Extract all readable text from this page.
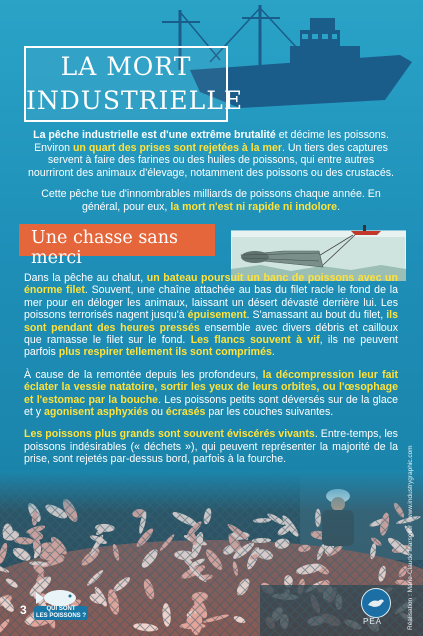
LA MORT
INDUSTRIELLE

La pêche industrielle est d'une extrême brutalité et décime les poissons. Environ un quart des prises sont rejetées à la mer. Un tiers des captures servent à faire des farines ou des huiles de poissons, qui entre autres nourriront des animaux d'élevage, notamment des poissons ou des crustacés.

Cette pêche tue d'innombrables milliards de poissons chaque année. En général, pour eux, la mort n'est ni rapide ni indolore.

Une chasse sans merci

Dans la pêche au chalut, un bateau poursuit un banc de poissons avec un énorme filet. Souvent, une chaîne attachée au bas du filet racle le fond de la mer pour en déloger les animaux, laissant un désert dévasté derrière lui. Les poissons terrorisés nagent jusqu'à épuisement. S'amassant au bout du filet, ils sont pendant des heures pressés ensemble avec divers débris et cailloux que ramasse le filet sur le fond. Les flancs souvent à vif, ils ne peuvent parfois plus respirer tellement ils sont comprimés.

À cause de la remontée depuis les profondeurs, la décompression leur fait éclater la vessie natatoire, sortir les yeux de leurs orbites, ou l'œsophage et l'estomac par la bouche. Les poissons petits sont déversés sur de la glace et y agonisent asphyxiés ou écrasés par les couches suivantes.

Les poissons plus grands sont souvent éviscérés vivants. Entre-temps, les poissons indésirables (« déchets »), qui peuvent représenter la majorité de la prise, sont rejetés par-dessus bord, parfois à la fourche.	Réalisation : Marie-Claude Marsolier · www.industrygraphic.com
3	QUI SONT
LES POISSONS ?
PEA
